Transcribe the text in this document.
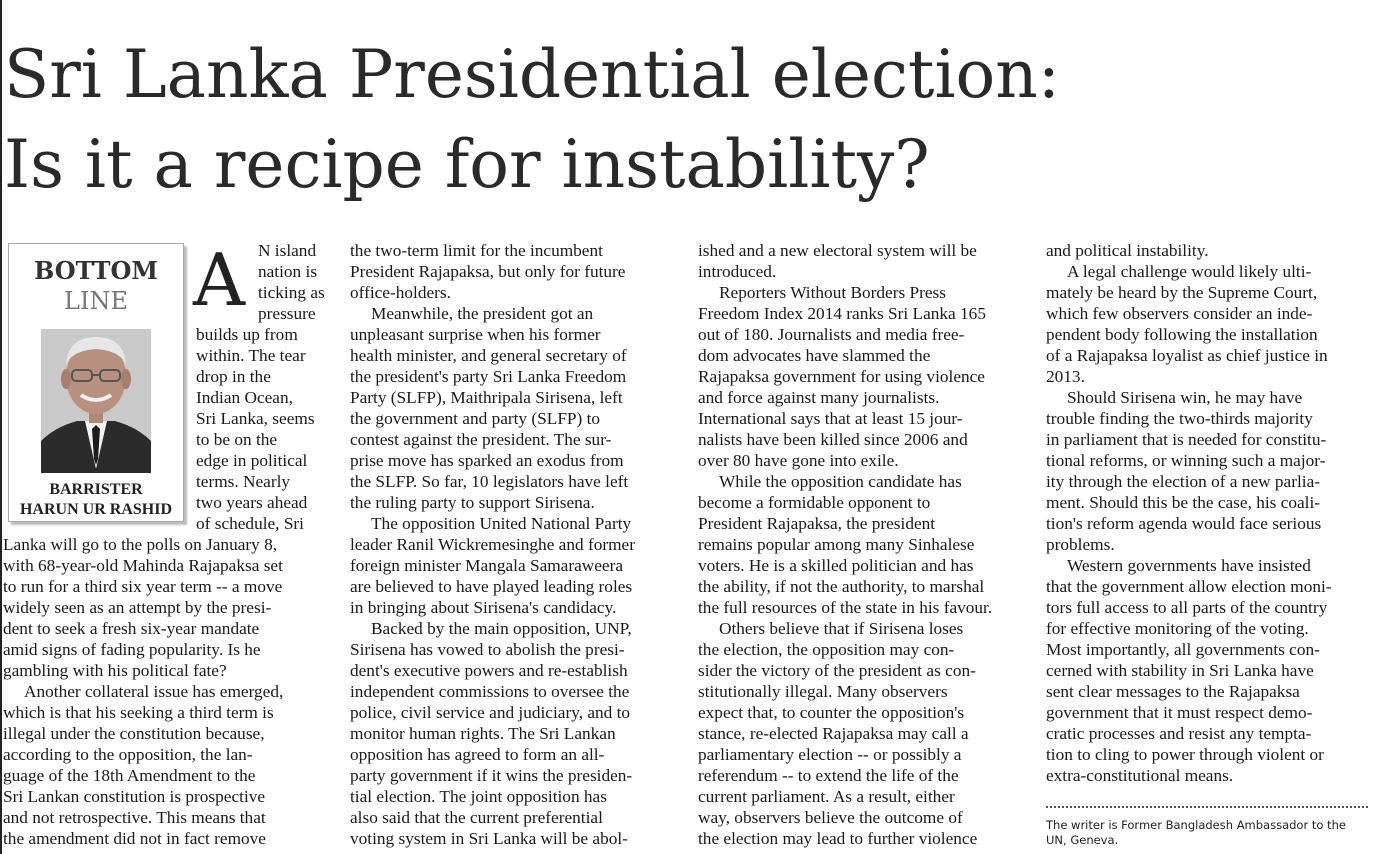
Sri Lanka Presidential election:
Is it a recipe for instability?
BOTTOM
LINE
BARRISTER
HARUN UR RASHID
A N island

nation is

ticking as

pressure

builds up from

within. The tear

drop in the

Indian Ocean,

Sri Lanka, seems

to be on the

edge in political

terms. Nearly

two years ahead

of schedule, Sri

Lanka will go to the polls on January 8,

with 68-year-old Mahinda Rajapaksa set

to run for a third six year term -- a move

widely seen as an attempt by the presi-

dent to seek a fresh six-year mandate

amid signs of fading popularity. Is he

gambling with his political fate?

Another collateral issue has emerged,

which is that his seeking a third term is

illegal under the constitution because,

according to the opposition, the lan-

guage of the 18th Amendment to the

Sri Lankan constitution is prospective

and not retrospective. This means that

the amendment did not in fact remove

the two-term limit for the incumbent

President Rajapaksa, but only for future

office-holders.

Meanwhile, the president got an

unpleasant surprise when his former

health minister, and general secretary of

the president's party Sri Lanka Freedom

Party (SLFP), Maithripala Sirisena, left

the government and party (SLFP) to

contest against the president. The sur-

prise move has sparked an exodus from

the SLFP. So far, 10 legislators have left

the ruling party to support Sirisena.

The opposition United National Party

leader Ranil Wickremesinghe and former

foreign minister Mangala Samaraweera

are believed to have played leading roles

in bringing about Sirisena's candidacy.

Backed by the main opposition, UNP,

Sirisena has vowed to abolish the presi-

dent's executive powers and re-establish

independent commissions to oversee the

police, civil service and judiciary, and to

monitor human rights. The Sri Lankan

opposition has agreed to form an all-

party government if it wins the presiden-

tial election. The joint opposition has

also said that the current preferential

voting system in Sri Lanka will be abol-

ished and a new electoral system will be

introduced.

Reporters Without Borders Press

Freedom Index 2014 ranks Sri Lanka 165

out of 180. Journalists and media free-

dom advocates have slammed the

Rajapaksa government for using violence

and force against many journalists.

International says that at least 15 jour-

nalists have been killed since 2006 and

over 80 have gone into exile.

While the opposition candidate has

become a formidable opponent to

President Rajapaksa, the president

remains popular among many Sinhalese

voters. He is a skilled politician and has

the ability, if not the authority, to marshal

the full resources of the state in his favour.

Others believe that if Sirisena loses

the election, the opposition may con-

sider the victory of the president as con-

stitutionally illegal. Many observers

expect that, to counter the opposition's

stance, re-elected Rajapaksa may call a

parliamentary election -- or possibly a

referendum -- to extend the life of the

current parliament. As a result, either

way, observers believe the outcome of

the election may lead to further violence

and political instability.

A legal challenge would likely ulti-

mately be heard by the Supreme Court,

which few observers consider an inde-

pendent body following the installation

of a Rajapaksa loyalist as chief justice in

2013.

Should Sirisena win, he may have

trouble finding the two-thirds majority

in parliament that is needed for constitu-

tional reforms, or winning such a major-

ity through the election of a new parlia-

ment. Should this be the case, his coali-

tion's reform agenda would face serious

problems.

Western governments have insisted

that the government allow election moni-

tors full access to all parts of the country

for effective monitoring of the voting.

Most importantly, all governments con-

cerned with stability in Sri Lanka have

sent clear messages to the Rajapaksa

government that it must respect demo-

cratic processes and resist any tempta-

tion to cling to power through violent or

extra-constitutional means.

The writer is Former Bangladesh Ambassador to the
UN, Geneva.
